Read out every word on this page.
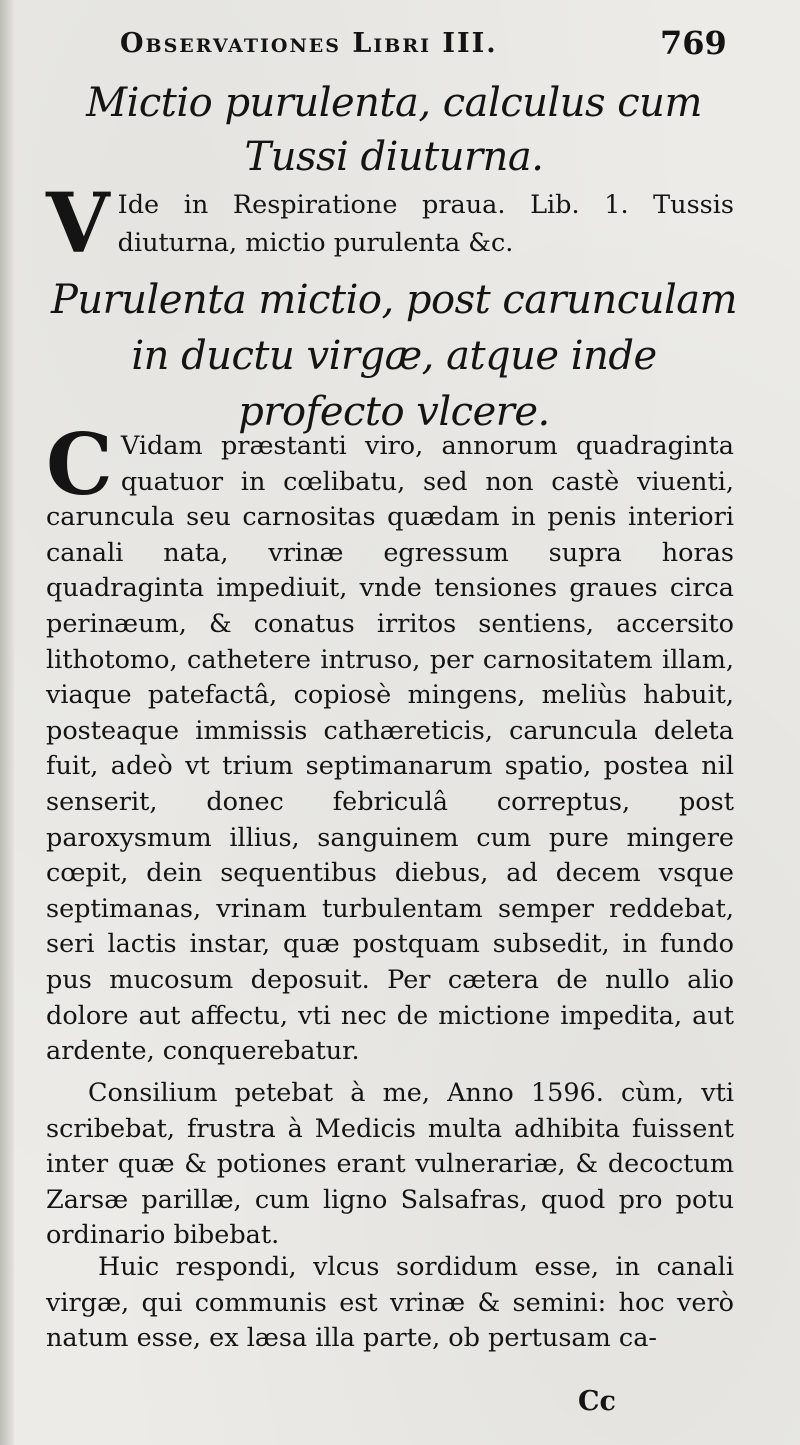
Observationes Libri III.	769
Mictio purulenta, calculus cum Tussi diuturna.
V Ide in Respiratione praua. Lib. 1. Tussis diuturna, mictio purulenta &c.
Purulenta mictio, post carunculam in ductu virgæ, atque inde profecto vlcere.
C Vidam præstanti viro, annorum quadraginta quatuor in cœlibatu, sed non castè viuenti, caruncula seu carnositas quædam in penis interiori canali nata, vrinæ egressum supra horas quadraginta impediuit, vnde tensiones graues circa perinæum, & conatus irritos sentiens, accersito lithotomo, cathetere intruso, per carnositatem illam, viaque patefactâ, copiosè mingens, meliùs habuit, posteaque immissis cathæreticis, caruncula deleta fuit, adeò vt trium septimanarum spatio, postea nil senserit, donec febriculâ correptus, post paroxysmum illius, sanguinem cum pure mingere cœpit, dein sequentibus diebus, ad decem vsque septimanas, vrinam turbulentam semper reddebat, seri lactis instar, quæ postquam subsedit, in fundo pus mucosum deposuit. Per cætera de nullo alio dolore aut affectu, vti nec de mictione impedita, aut ardente, conquerebatur.
Consilium petebat à me, Anno 1596. cùm, vti scribebat, frustra à Medicis multa adhibita fuissent inter quæ & potiones erant vulnerariæ, & decoctum Zarsæ parillæ, cum ligno Salsafras, quod pro potu ordinario bibebat.
Huic respondi, vlcus sordidum esse, in canali virgæ, qui communis est vrinæ & semini: hoc verò natum esse, ex læsa illa parte, ob pertusam ca-
Cc
